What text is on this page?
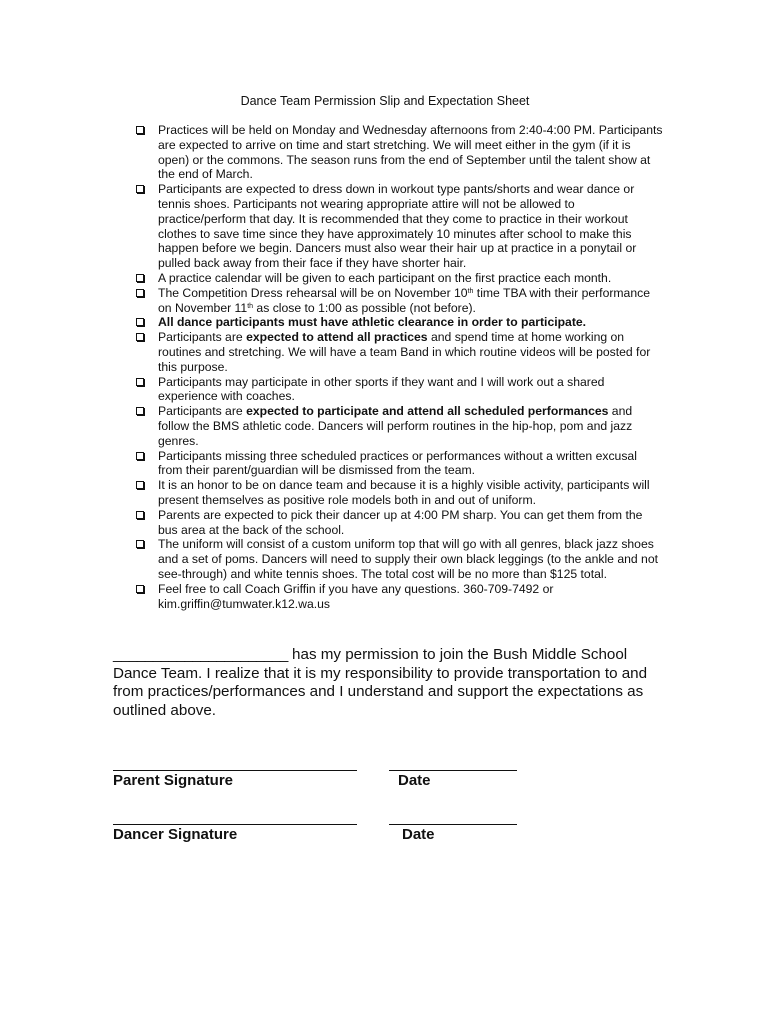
Dance Team Permission Slip and Expectation Sheet
Practices will be held on Monday and Wednesday afternoons from 2:40-4:00 PM. Participants are expected to arrive on time and start stretching. We will meet either in the gym (if it is open) or the commons. The season runs from the end of September until the talent show at the end of March.
Participants are expected to dress down in workout type pants/shorts and wear dance or tennis shoes. Participants not wearing appropriate attire will not be allowed to practice/perform that day. It is recommended that they come to practice in their workout clothes to save time since they have approximately 10 minutes after school to make this happen before we begin. Dancers must also wear their hair up at practice in a ponytail or pulled back away from their face if they have shorter hair.
A practice calendar will be given to each participant on the first practice each month.
The Competition Dress rehearsal will be on November 10th time TBA with their performance on November 11th as close to 1:00 as possible (not before).
All dance participants must have athletic clearance in order to participate.
Participants are expected to attend all practices and spend time at home working on routines and stretching. We will have a team Band in which routine videos will be posted for this purpose.
Participants may participate in other sports if they want and I will work out a shared experience with coaches.
Participants are expected to participate and attend all scheduled performances and follow the BMS athletic code. Dancers will perform routines in the hip-hop, pom and jazz genres.
Participants missing three scheduled practices or performances without a written excusal from their parent/guardian will be dismissed from the team.
It is an honor to be on dance team and because it is a highly visible activity, participants will present themselves as positive role models both in and out of uniform.
Parents are expected to pick their dancer up at 4:00 PM sharp. You can get them from the bus area at the back of the school.
The uniform will consist of a custom uniform top that will go with all genres, black jazz shoes and a set of poms. Dancers will need to supply their own black leggings (to the ankle and not see-through) and white tennis shoes. The total cost will be no more than $125 total.
Feel free to call Coach Griffin if you have any questions. 360-709-7492 or kim.griffin@tumwater.k12.wa.us
______________________ has my permission to join the Bush Middle School Dance Team. I realize that it is my responsibility to provide transportation to and from practices/performances and I understand and support the expectations as outlined above.
Parent Signature	Date
Dancer Signature	Date
